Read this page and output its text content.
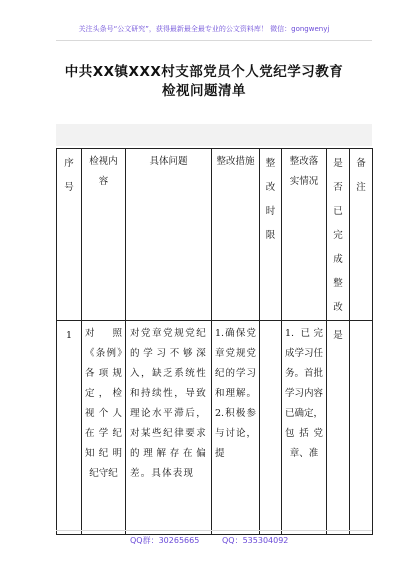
关注头条号“公文研究”，获得最新最全最专业的公文资料库！ 微信：gongwenyj
中共XX镇XXX村支部党员个人党纪学习教育
检视问题清单
序号	检视内容	具体问题	整改措施	整改时限	整改落实情况	是否已完成整改	备注

1	对照《条例》各项规定，检视个人在学纪知纪明纪守纪	对党章党规党纪的学习不够深入，缺乏系统性和持续性，导致理论水平滞后，对某些纪律要求的理解存在偏差。具体表现	1.确保党章党规党纪的学习和理解。2.积极参与讨论，提		1. 已完成学习任务。首批学习内容已确定，包括党章、准	是	

QQ群：30265665	QQ：535304092
